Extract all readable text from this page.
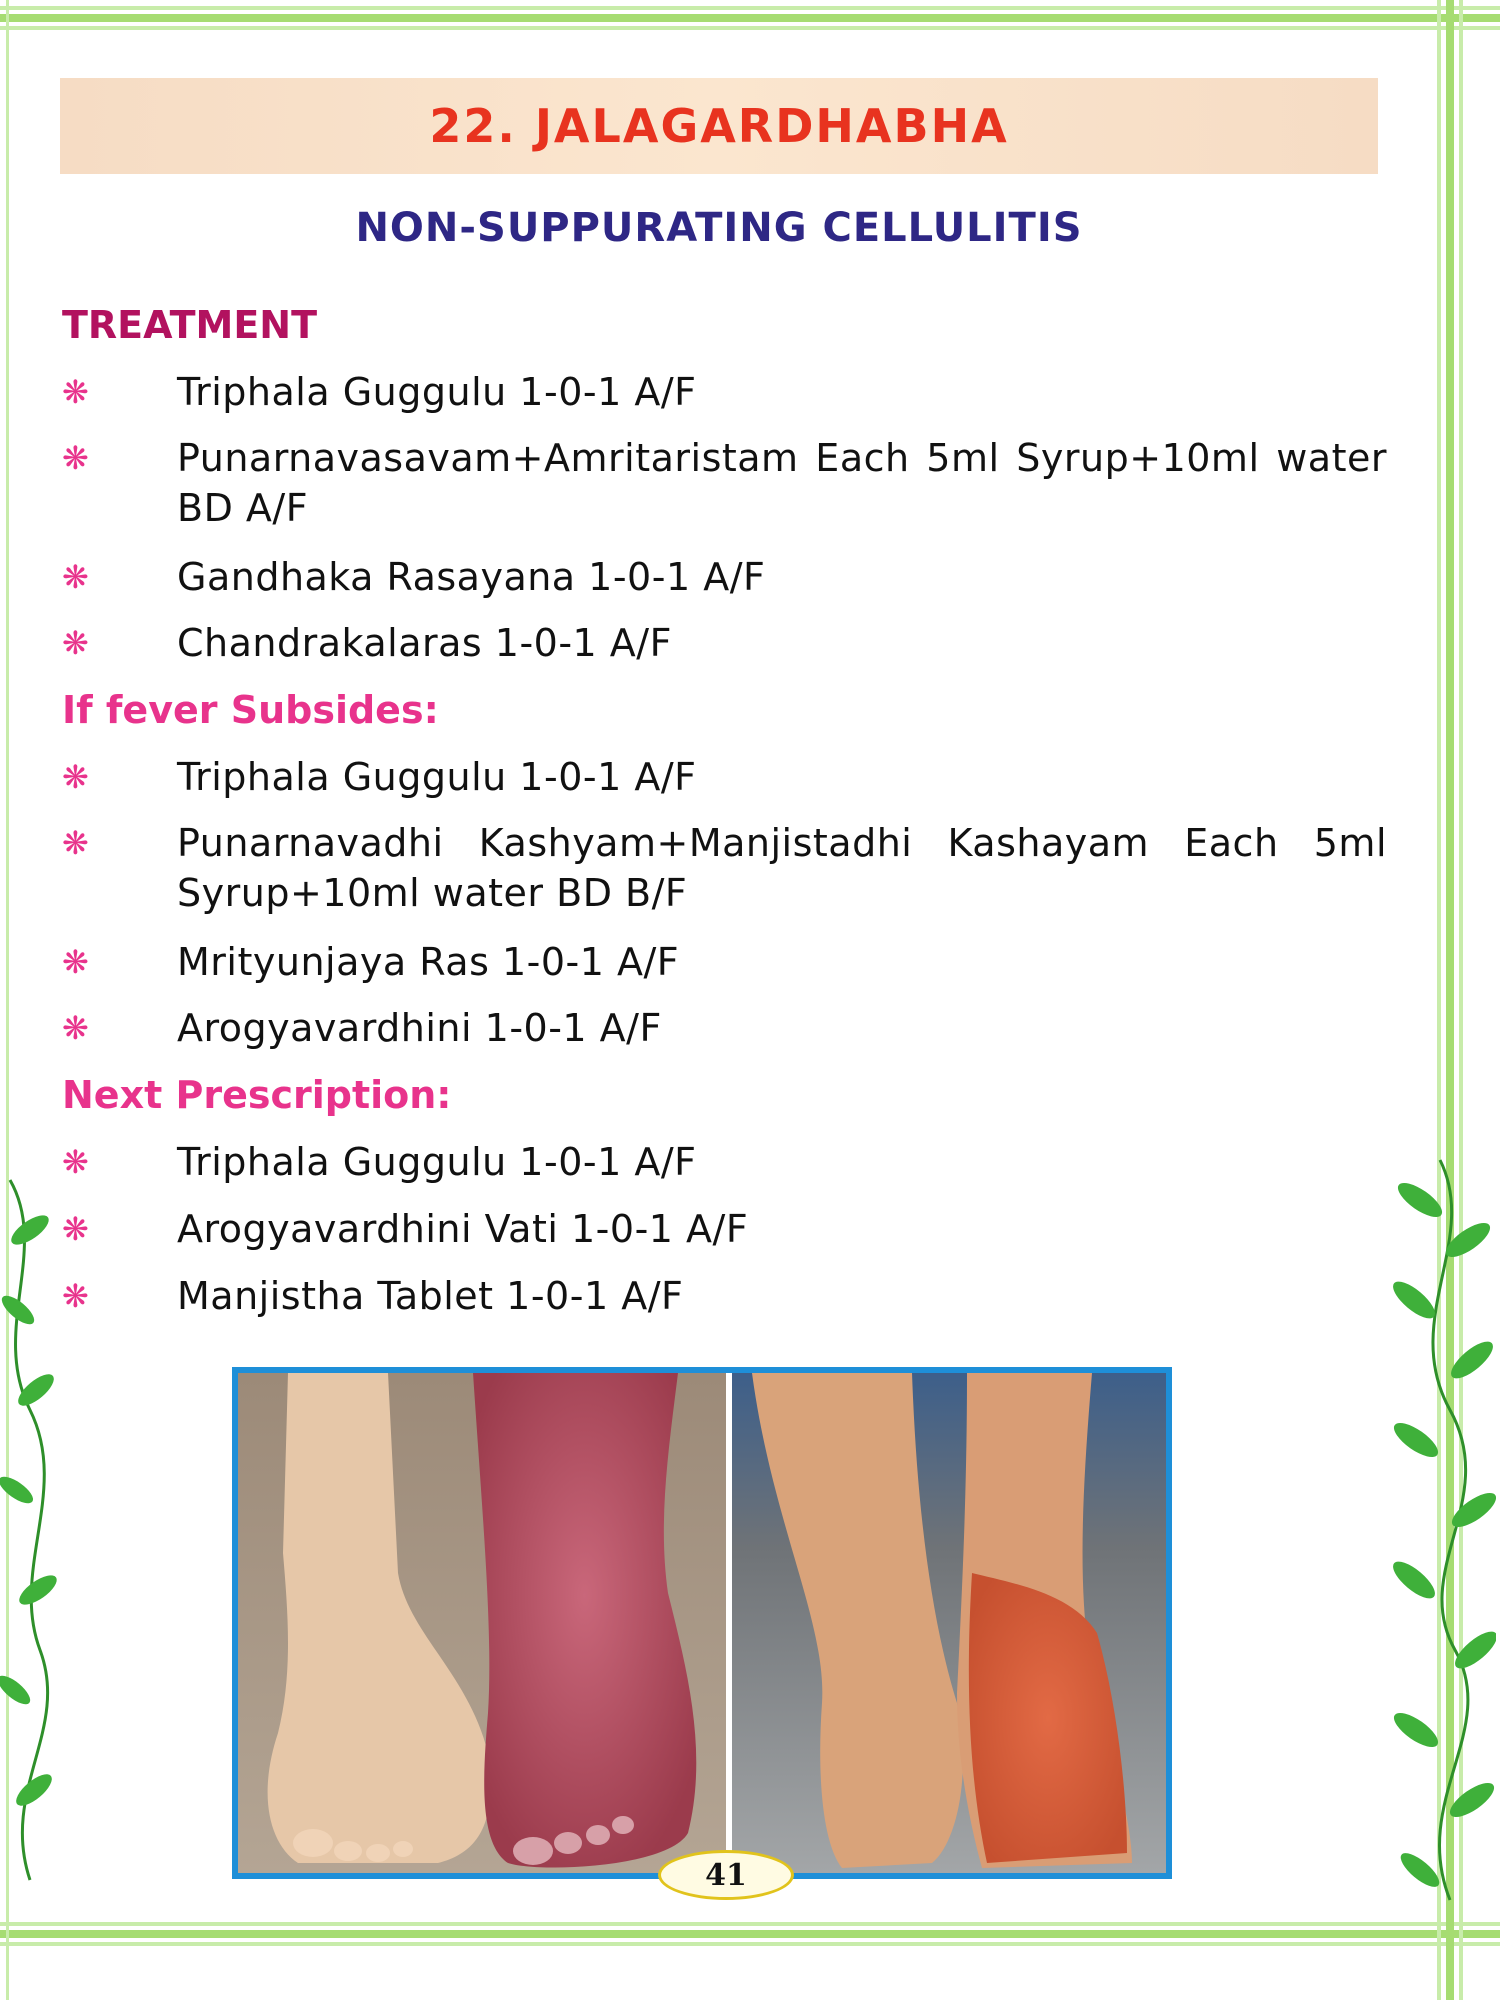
22. JALAGARDHABHA
NON-SUPPURATING CELLULITIS
TREATMENT
❋ Triphala Guggulu 1-0-1 A/F
❋ Punarnavasavam+Amritaristam Each 5ml Syrup+10ml water BD A/F
❋ Gandhaka Rasayana 1-0-1 A/F
❋ Chandrakalaras 1-0-1 A/F
If fever Subsides:
❋ Triphala Guggulu 1-0-1 A/F
❋ Punarnavadhi Kashyam+Manjistadhi Kashayam Each 5ml Syrup+10ml water BD B/F
❋ Mrityunjaya Ras 1-0-1 A/F
❋ Arogyavardhini 1-0-1 A/F
Next Prescription:
❋ Triphala Guggulu 1-0-1 A/F
❋ Arogyavardhini Vati 1-0-1 A/F
❋ Manjistha Tablet 1-0-1 A/F
41
